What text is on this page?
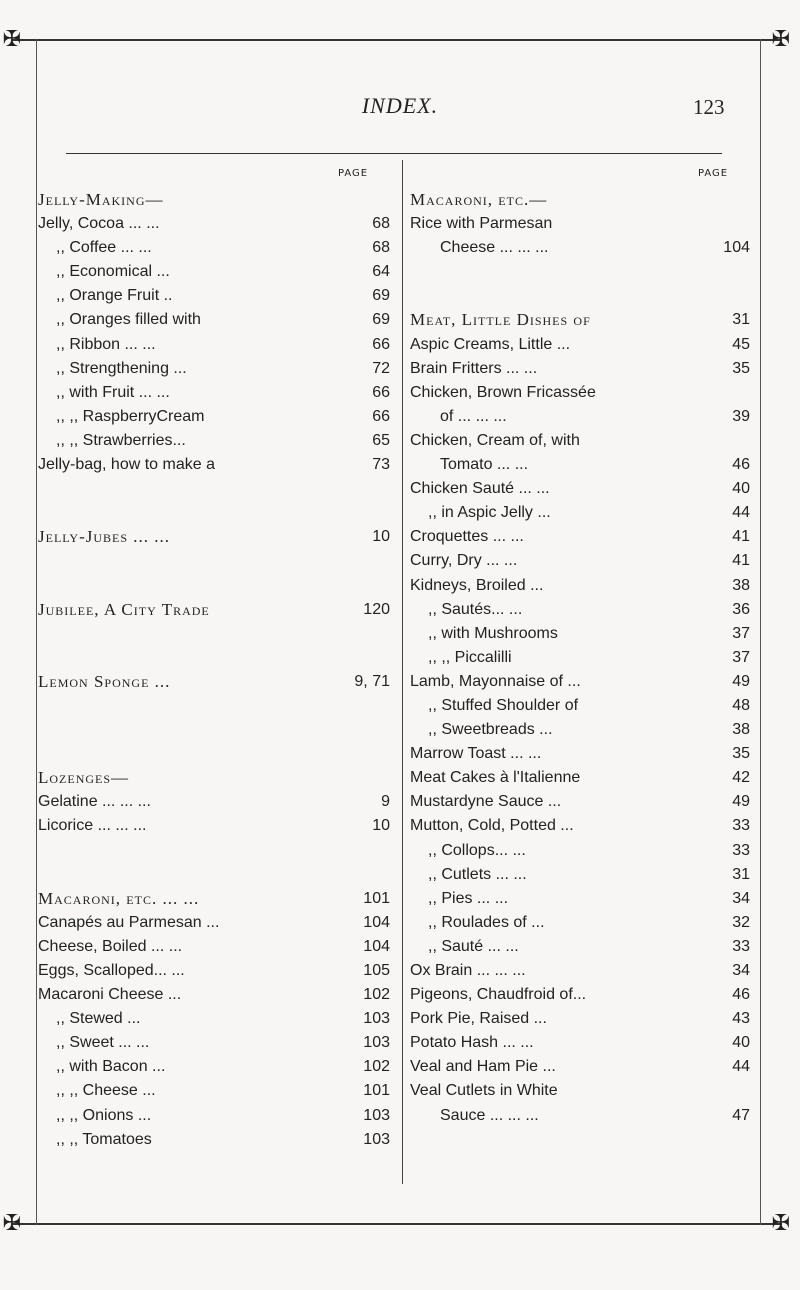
✠	✠
✠	✠
INDEX.	123
PAGE	PAGE
Jelly-Making—
Jelly, Cocoa ... ...	68
,, Coffee ... ...	68
,, Economical ...	64
,, Orange Fruit ..	69
,, Oranges filled with	69
,, Ribbon ... ...	66
,, Strengthening ...	72
,, with Fruit ... ...	66
,, ,, RaspberryCream	66
,, ,, Strawberries...	65
Jelly-bag, how to make a	73
Jelly-Jubes ... ...	10
Jubilee, A City Trade	120
Lemon Sponge ...	9, 71
Lozenges—
Gelatine ... ... ...	9
Licorice ... ... ...	10
Macaroni, etc. ... ...	101
Canapés au Parmesan ...	104
Cheese, Boiled ... ...	104
Eggs, Scalloped... ...	105
Macaroni Cheese ...	102
,, Stewed ...	103
,, Sweet ... ...	103
,, with Bacon ...	102
,, ,, Cheese ...	101
,, ,, Onions ...	103
,, ,, Tomatoes	103
Macaroni, etc.—
Rice with Parmesan
Cheese ... ... ...	104
Meat, Little Dishes of	31
Aspic Creams, Little ...	45
Brain Fritters ... ...	35
Chicken, Brown Fricassée
of ... ... ...	39
Chicken, Cream of, with
Tomato ... ...	46
Chicken Sauté ... ...	40
,, in Aspic Jelly ...	44
Croquettes ... ...	41
Curry, Dry ... ...	41
Kidneys, Broiled ...	38
,, Sautés... ...	36
,, with Mushrooms	37
,, ,, Piccalilli	37
Lamb, Mayonnaise of ...	49
,, Stuffed Shoulder of	48
,, Sweetbreads ...	38
Marrow Toast ... ...	35
Meat Cakes à l'Italienne	42
Mustardyne Sauce ...	49
Mutton, Cold, Potted ...	33
,, Collops... ...	33
,, Cutlets ... ...	31
,, Pies ... ...	34
,, Roulades of ...	32
,, Sauté ... ...	33
Ox Brain ... ... ...	34
Pigeons, Chaudfroid of...	46
Pork Pie, Raised ...	43
Potato Hash ... ...	40
Veal and Ham Pie ...	44
Veal Cutlets in White
Sauce ... ... ...	47
